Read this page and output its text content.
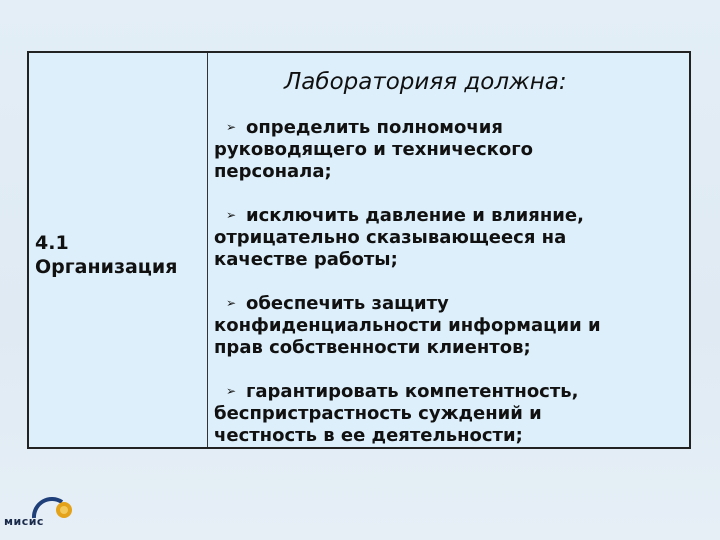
4.1
Организация
Лабораторияя должна:
➢ определить полномочия
руководящего и технического
персонала;
➢ исключить давление и влияние,
отрицательно сказывающееся на
качестве работы;
➢ обеспечить защиту
конфиденциальности информации и
прав собственности клиентов;
➢ гарантировать компетентность,
беспристрастность суждений и
честность в ее деятельности;
мисис
